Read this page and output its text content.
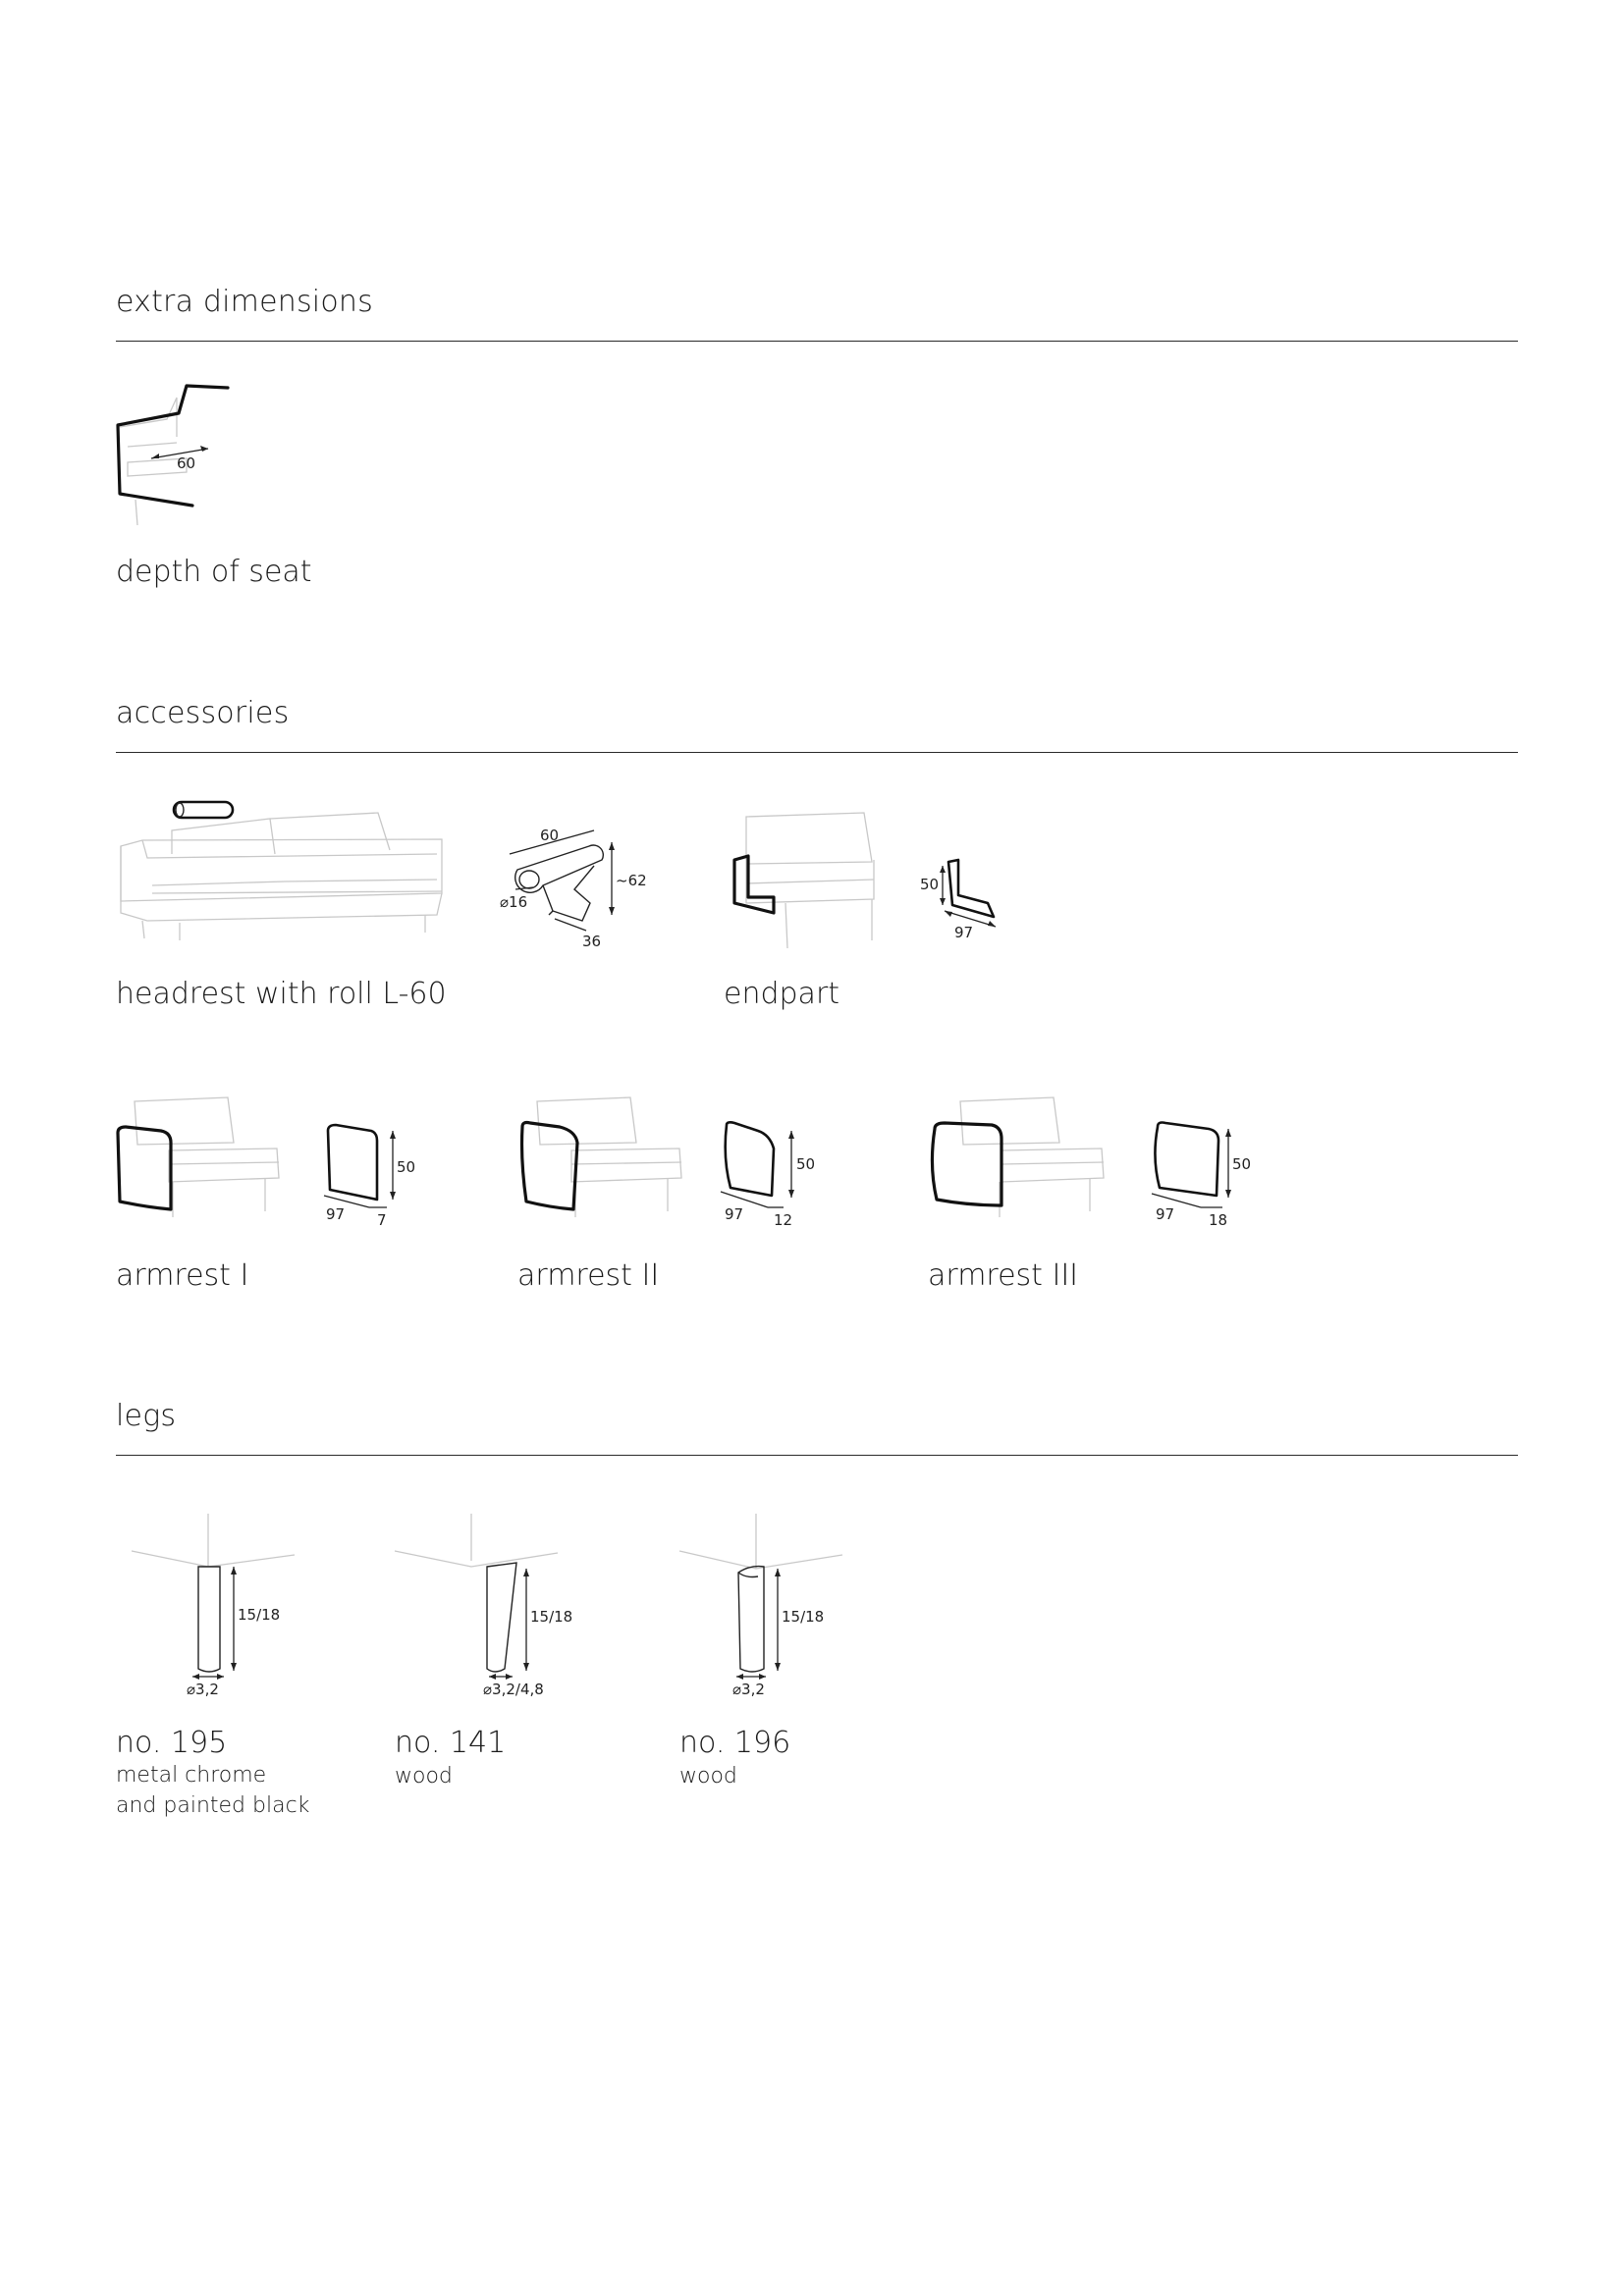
extra dimensions
60
depth of seat
accessories
60
~62
⌀16
36
headrest with roll L-60
50
97
endpart
50
97 7
armrest I
50
97 12
armrest II
50
97 18
armrest III
legs
15/18
⌀3,2
no. 195
metal chrome
and painted black
15/18
⌀3,2/4,8
no. 141
wood
15/18
⌀3,2
no. 196
wood
